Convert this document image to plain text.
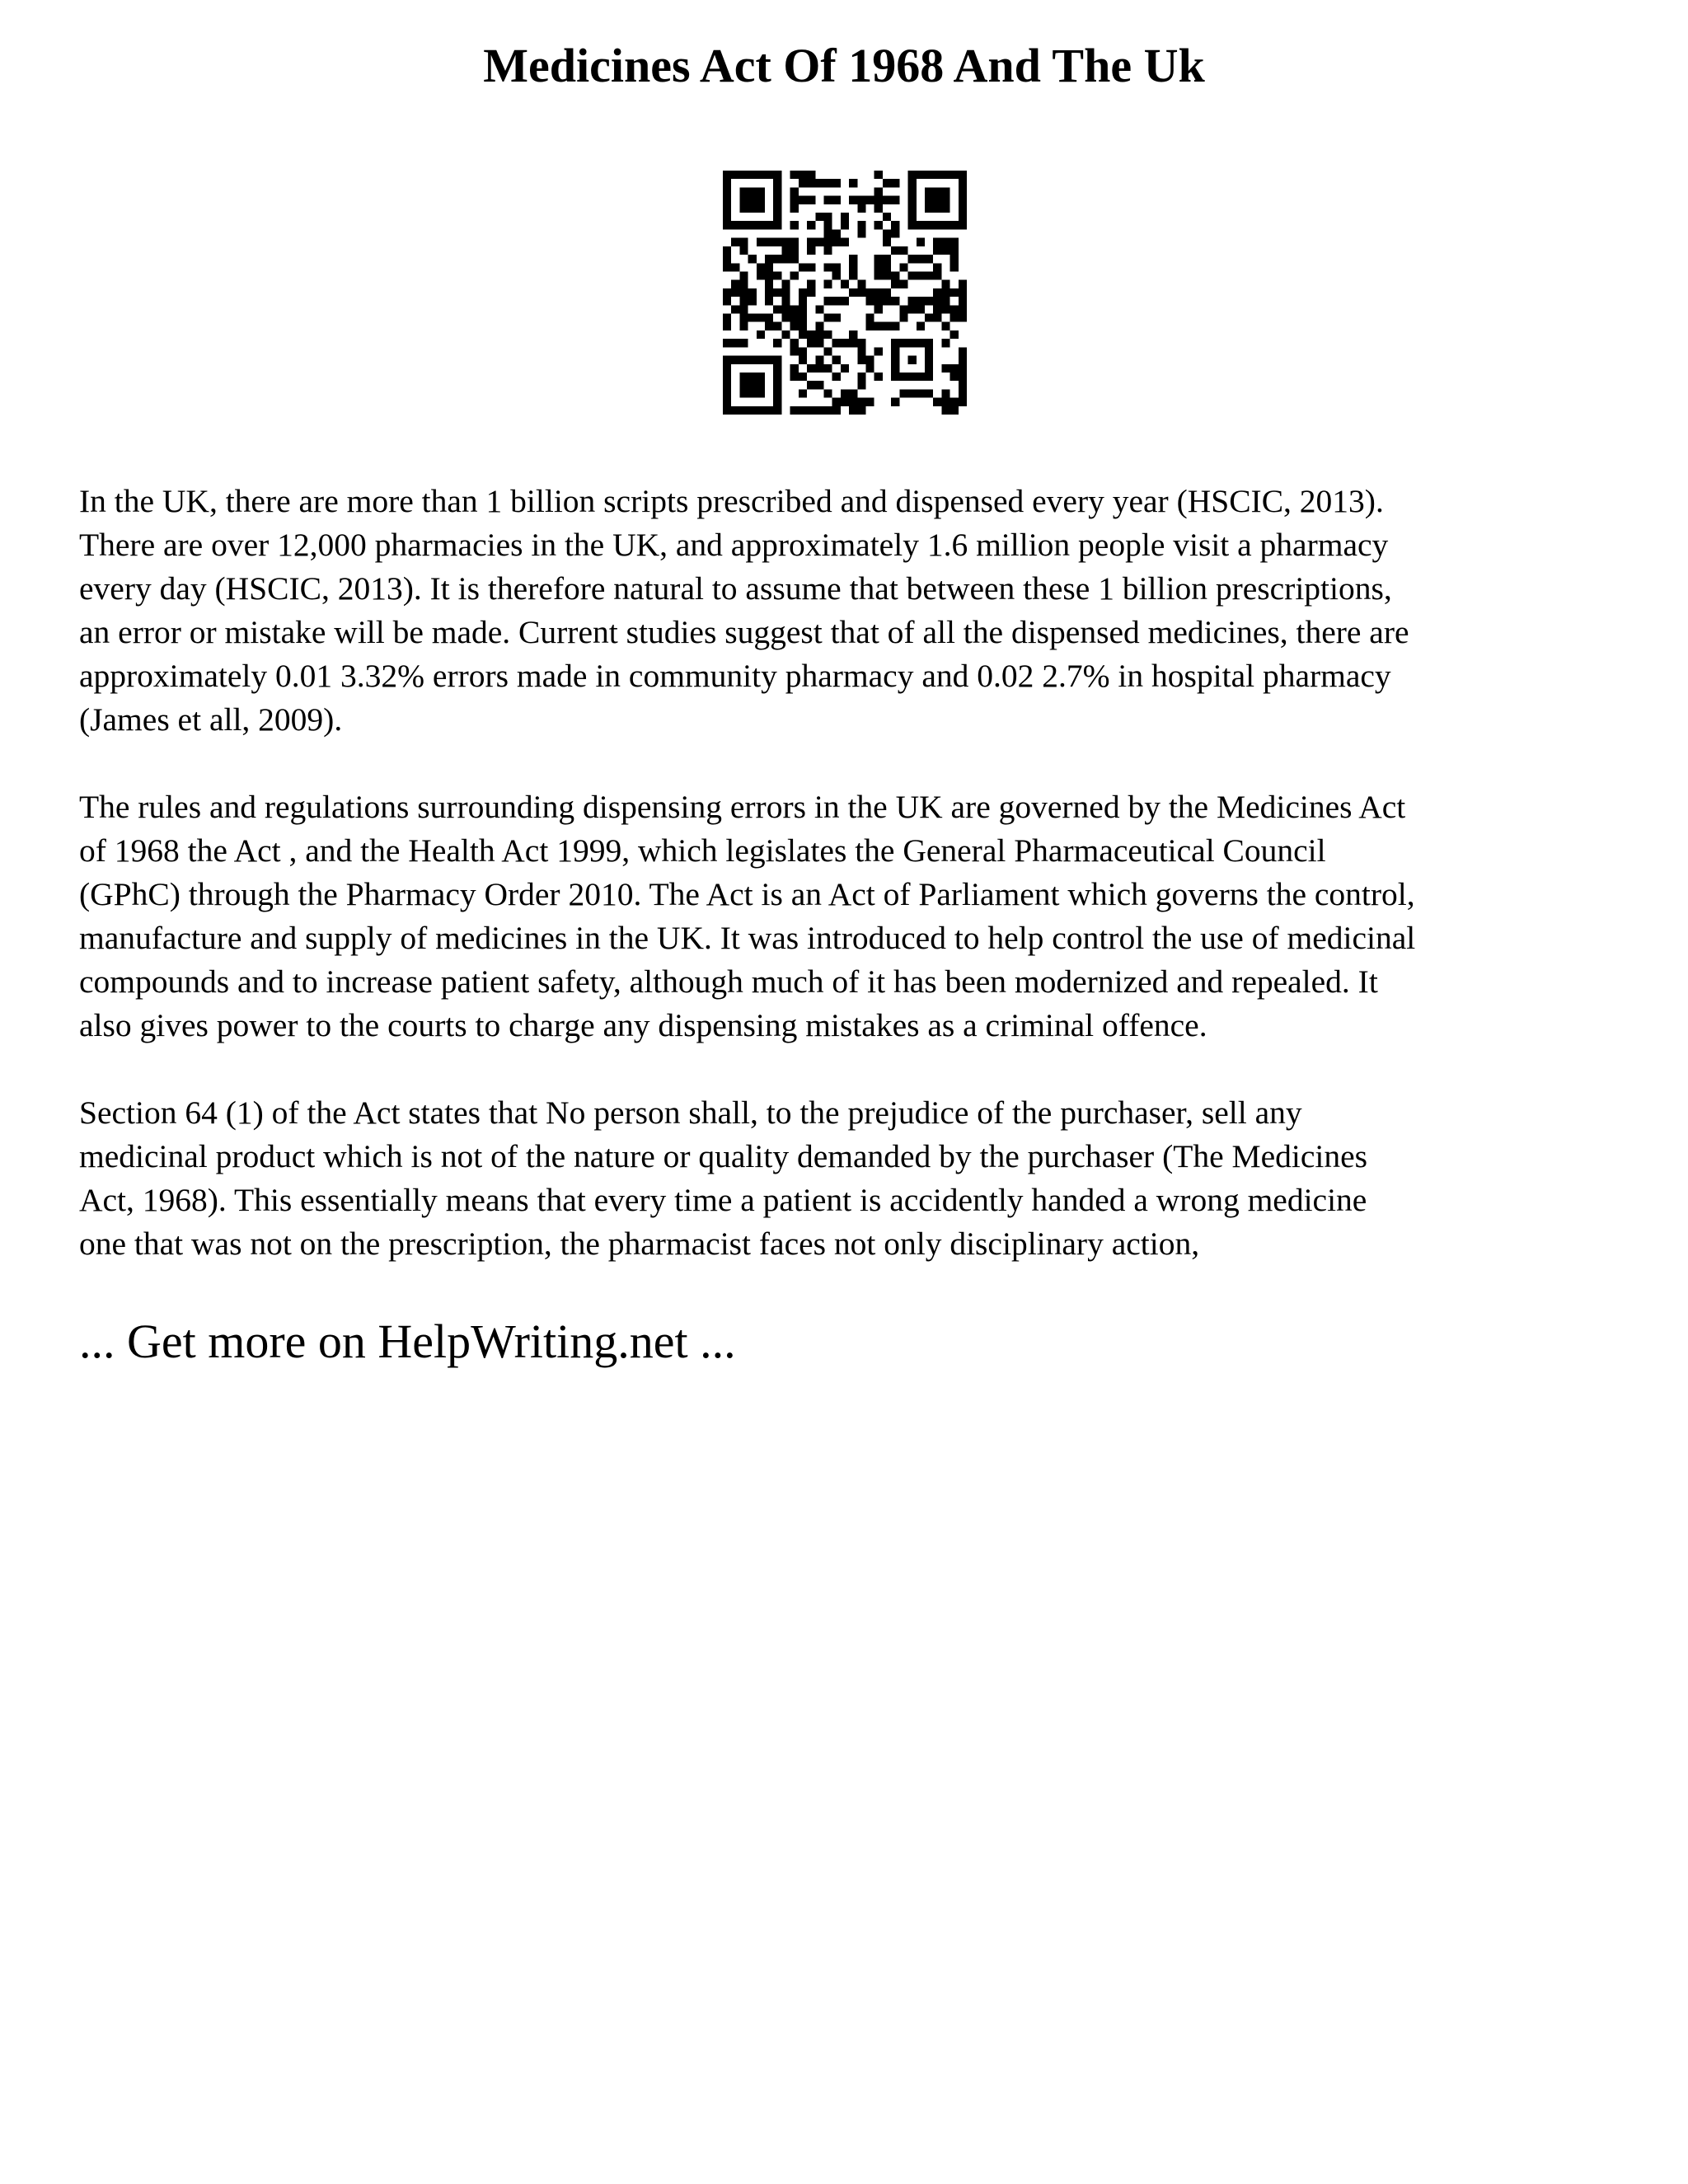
Medicines Act Of 1968 And The Uk

In the UK, there are more than 1 billion scripts prescribed and dispensed every year (HSCIC, 2013).
There are over 12,000 pharmacies in the UK, and approximately 1.6 million people visit a pharmacy
every day (HSCIC, 2013). It is therefore natural to assume that between these 1 billion prescriptions,
an error or mistake will be made. Current studies suggest that of all the dispensed medicines, there are
approximately 0.01 3.32% errors made in community pharmacy and 0.02 2.7% in hospital pharmacy
(James et all, 2009).

The rules and regulations surrounding dispensing errors in the UK are governed by the Medicines Act
of 1968 the Act , and the Health Act 1999, which legislates the General Pharmaceutical Council
(GPhC) through the Pharmacy Order 2010. The Act is an Act of Parliament which governs the control,
manufacture and supply of medicines in the UK. It was introduced to help control the use of medicinal
compounds and to increase patient safety, although much of it has been modernized and repealed. It
also gives power to the courts to charge any dispensing mistakes as a criminal offence.

Section 64 (1) of the Act states that No person shall, to the prejudice of the purchaser, sell any
medicinal product which is not of the nature or quality demanded by the purchaser (The Medicines
Act, 1968). This essentially means that every time a patient is accidently handed a wrong medicine
one that was not on the prescription, the pharmacist faces not only disciplinary action,

... Get more on HelpWriting.net ...
